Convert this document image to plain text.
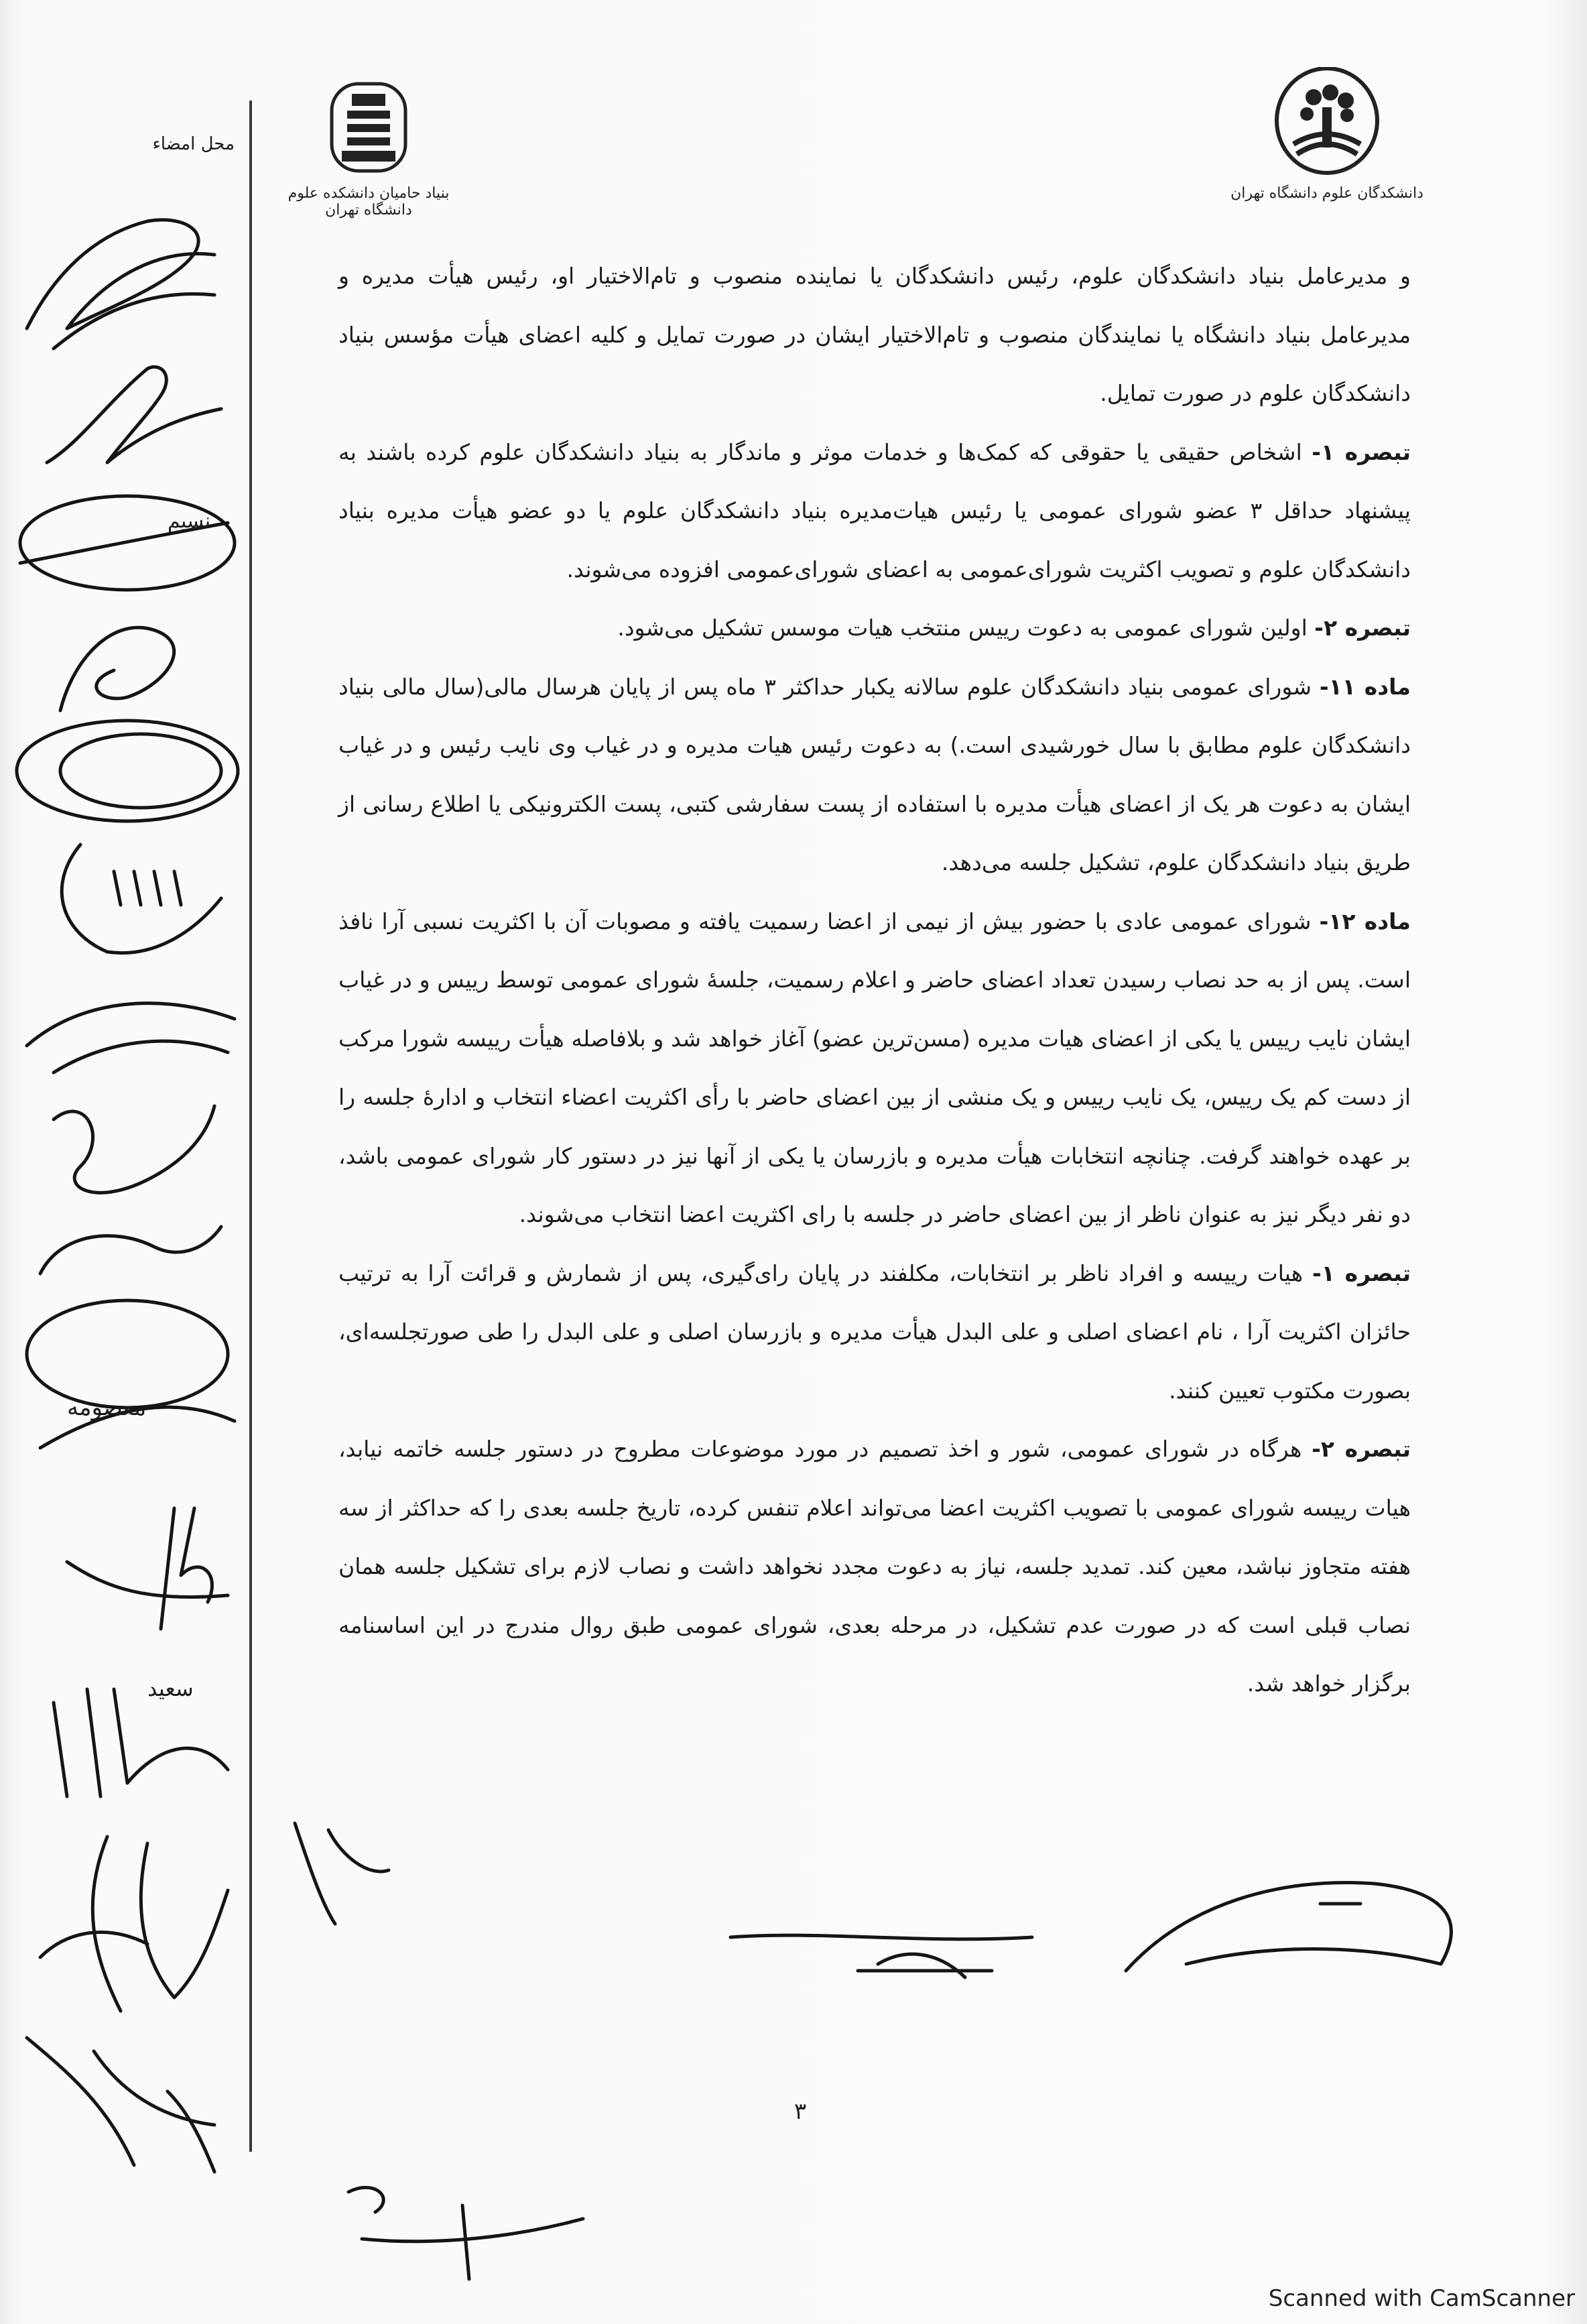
محل امضاء
بنیاد حامیان دانشکده علوم دانشگاه تهران
دانشکدگان علوم دانشگاه تهران

و مدیرعامل بنیاد دانشکدگان علوم، رئیس دانشکدگان یا نماینده منصوب و تام‌الاختیار او، رئیس هیأت مدیره و مدیرعامل بنیاد دانشگاه یا نمایندگان منصوب و تام‌الاختیار ایشان در صورت تمایل و کلیه اعضای هیأت مؤسس بنیاد دانشکدگان علوم در صورت تمایل.

تبصره ۱- اشخاص حقیقی یا حقوقی که کمک‌ها و خدمات موثر و ماندگار به بنیاد دانشکدگان علوم کرده باشند به پیشنهاد حداقل ۳ عضو شورای عمومی یا رئیس هیات‌مدیره بنیاد دانشکدگان علوم یا دو عضو هیأت مدیره بنیاد دانشکدگان علوم و تصویب اکثریت شورای‌عمومی به اعضای شورای‌عمومی افزوده می‌شوند.

تبصره ۲- اولین شورای عمومی به دعوت رییس منتخب هیات موسس تشکیل می‌شود.

ماده ۱۱- شورای عمومی بنیاد دانشکدگان علوم سالانه یکبار حداکثر ۳ ماه پس از پایان هرسال مالی(سال مالی بنیاد دانشکدگان علوم مطابق با سال خورشیدی است.) به دعوت رئیس هیات مدیره و در غیاب وی نایب رئیس و در غیاب ایشان به دعوت هر یک از اعضای هیأت مدیره با استفاده از پست سفارشی کتبی، پست الکترونیکی یا اطلاع رسانی از طریق بنیاد دانشکدگان علوم، تشکیل جلسه می‌دهد.

ماده ۱۲- شورای عمومی عادی با حضور بیش از نیمی از اعضا رسمیت یافته و مصوبات آن با اکثریت نسبی آرا نافذ است. پس از به حد نصاب رسیدن تعداد اعضای حاضر و اعلام رسمیت، جلسهٔ شورای عمومی توسط رییس و در غیاب ایشان نایب رییس یا یکی از اعضای هیات مدیره (مسن‌ترین عضو) آغاز خواهد شد و بلافاصله هیأت رییسه شورا مرکب از دست کم یک رییس، یک نایب رییس و یک منشی از بین اعضای حاضر با رأی اکثریت اعضاء انتخاب و ادارهٔ جلسه را بر عهده خواهند گرفت. چنانچه انتخابات هیأت مدیره و بازرسان یا یکی از آنها نیز در دستور کار شورای عمومی باشد، دو نفر دیگر نیز به عنوان ناظر از بین اعضای حاضر در جلسه با رای اکثریت اعضا انتخاب می‌شوند.

تبصره ۱- هیات رییسه و افراد ناظر بر انتخابات، مکلفند در پایان رای‌گیری، پس از شمارش و قرائت آرا به ترتیب حائزان اکثریت آرا ، نام اعضای اصلی و علی البدل هیأت مدیره و بازرسان اصلی و علی البدل را طی صورتجلسه‌ای، بصورت مکتوب تعیین کنند.

تبصره ۲- هرگاه در شورای عمومی، شور و اخذ تصمیم در مورد موضوعات مطروح در دستور جلسه خاتمه نیابد، هیات رییسه شورای عمومی با تصویب اکثریت اعضا می‌تواند اعلام تنفس کرده، تاریخ جلسه بعدی را که حداکثر از سه هفته متجاوز نباشد، معین کند. تمدید جلسه، نیاز به دعوت مجدد نخواهد داشت و نصاب لازم برای تشکیل جلسه همان نصاب قبلی است که در صورت عدم تشکیل، در مرحله بعدی، شورای عمومی طبق روال مندرج در این اساسنامه برگزار خواهد شد.

نسیم
معصومه
سعید
۳
Scanned with CamScanner
